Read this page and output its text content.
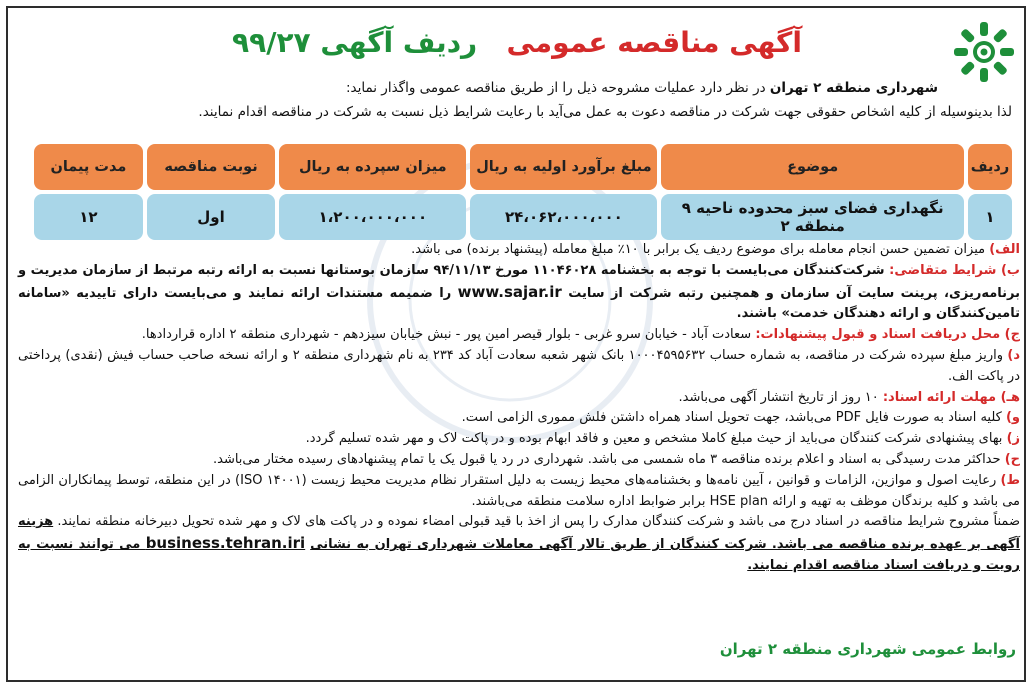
آگهی مناقصه عمومی   ردیف آگهی ۹۹/۲۷
شهرداری منطقه ۲ تهران در نظر دارد عملیات مشروحه ذیل را از طریق مناقصه عمومی واگذار نماید:
لذا بدینوسیله از کلیه اشخاص حقوقی جهت شرکت در مناقصه دعوت به عمل می‌آید با رعایت شرایط ذیل نسبت به شرکت در مناقصه اقدام نمایند.
ردیف	موضوع	مبلغ برآورد اولیه به ریال	میزان سپرده به ریال	نوبت مناقصه	مدت پیمان
۱	نگهداری فضای سبز محدوده ناحیه ۹ منطقه ۲	۲۴،۰۶۲،۰۰۰،۰۰۰	۱،۲۰۰،۰۰۰،۰۰۰	اول	۱۲

الف) میزان تضمین حسن انجام معامله برای موضوع ردیف یک برابر با ۱۰٪ مبلغ معامله (پیشنهاد برنده) می باشد.

ب) شرایط متقاضی: شرکت‌کنندگان می‌بایست با توجه به بخشنامه ۱۱۰۴۶۰۲۸ مورخ ۹۴/۱۱/۱۳ سازمان بوستانها نسبت به ارائه رتبه مرتبط از سازمان مدیریت و برنامه‌ریزی، پرینت سایت آن سازمان و همچنین رتبه شرکت از سایت www.sajar.ir را ضمیمه مستندات ارائه نمایند و می‌بایست دارای تاییدیه «سامانه تامین‌کنندگان و ارائه دهندگان خدمت» باشند.

ج) محل دریافت اسناد و قبول پیشنهادات: سعادت آباد - خیابان سرو غربی - بلوار قیصر امین پور - نبش خیابان سیزدهم - شهرداری منطقه ۲ اداره قراردادها.

د) واریز مبلغ سپرده شرکت در مناقصه، به شماره حساب ۱۰۰۰۴۵۹۵۶۳۲ بانک شهر شعبه سعادت آباد کد ۲۳۴ به نام شهرداری منطقه ۲ و ارائه نسخه صاحب حساب فیش (نقدی) پرداختی در پاکت الف.

هـ) مهلت ارائه اسناد: ۱۰ روز از تاریخ انتشار آگهی می‌باشد.

و) کلیه اسناد به صورت فایل PDF می‌باشد، جهت تحویل اسناد همراه داشتن فلش مموری الزامی است.

ز) بهای پیشنهادی شرکت کنندگان می‌باید از حیث مبلغ کاملا مشخص و معین و فاقد ابهام بوده و در پاکت لاک و مهر شده تسلیم گردد.

ح) حداکثر مدت رسیدگی به اسناد و اعلام برنده مناقصه ۳ ماه شمسی می باشد. شهرداری در رد یا قبول یک یا تمام پیشنهادهای رسیده مختار می‌باشد.

ط) رعایت اصول و موازین، الزامات و قوانین ، آیین نامه‌ها و بخشنامه‌های محیط زیست به دلیل استقرار نظام مدیریت محیط زیست (ISO ۱۴۰۰۱) در این منطقه، توسط پیمانکاران الزامی می باشد و کلیه برندگان موظف به تهیه و ارائه HSE plan برابر ضوابط اداره سلامت منطقه می‌باشند.

ضمناً مشروح شرایط مناقصه در اسناد درج می باشد و شرکت کنندگان مدارک را پس از اخذ با قید قبولی امضاء نموده و در پاکت های لاک و مهر شده تحویل دبیرخانه منطقه نمایند. هزینه آگهی بر عهده برنده مناقصه می باشد. شرکت کنندگان از طریق تالار آگهی معاملات شهرداری تهران به نشانی business.tehran.iri می توانند نسبت به رویت و دریافت اسناد مناقصه اقدام نمایند.

روابط عمومی شهرداری منطقه ۲ تهران
